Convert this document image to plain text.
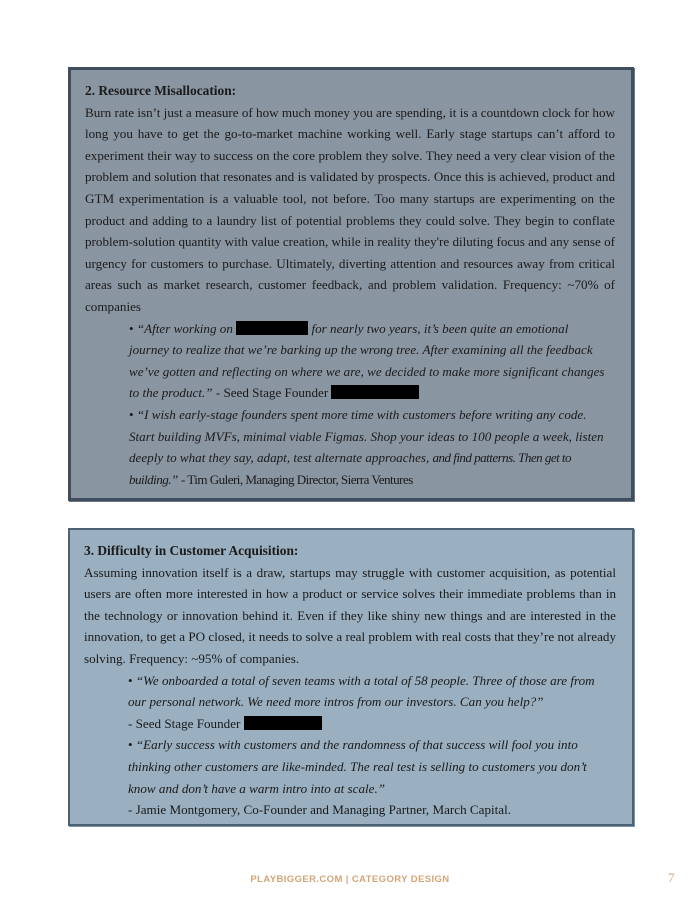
2. Resource Misallocation:

Burn rate isn’t just a measure of how much money you are spending, it is a countdown clock for how long you have to get the go-to-market machine working well. Early stage startups can’t afford to experiment their way to success on the core problem they solve. They need a very clear vision of the problem and solution that resonates and is validated by prospects. Once this is achieved, product and GTM experimentation is a valuable tool, not before. Too many startups are experimenting on the product and adding to a laundry list of potential problems they could solve. They begin to conflate problem-solution quantity with value creation, while in reality they're diluting focus and any sense of urgency for customers to purchase. Ultimately, diverting attention and resources away from critical areas such as market research, customer feedback, and problem validation. Frequency: ~70% of companies

• “After working on	for nearly two years, it’s been quite an emotional journey to realize that we’re barking up the wrong tree. After examining all the feedback we’ve gotten and reflecting on where we are, we decided to make more significant changes to the product.” - Seed Stage Founder

• “I wish early-stage founders spent more time with customers before writing any code. Start building MVFs, minimal viable Figmas. Shop your ideas to 100 people a week, listen deeply to what they say, adapt, test alternate approaches, and find patterns. Then get to building.” - Tim Guleri, Managing Director, Sierra Ventures

3. Difficulty in Customer Acquisition:

Assuming innovation itself is a draw, startups may struggle with customer acquisition, as potential users are often more interested in how a product or service solves their immediate problems than in the technology or innovation behind it. Even if they like shiny new things and are interested in the innovation, to get a PO closed, it needs to solve a real problem with real costs that they’re not already solving. Frequency: ~95% of companies.

• “We onboarded a total of seven teams with a total of 58 people. Three of those are from our personal network. We need more intros from our investors. Can you help?”
- Seed Stage Founder

• “Early success with customers and the randomness of that success will fool you into thinking other customers are like-minded. The real test is selling to customers you don’t know and don’t have a warm intro into at scale.”
- Jamie Montgomery, Co-Founder and Managing Partner, March Capital.

PLAYBIGGER.COM | CATEGORY DESIGN	7
